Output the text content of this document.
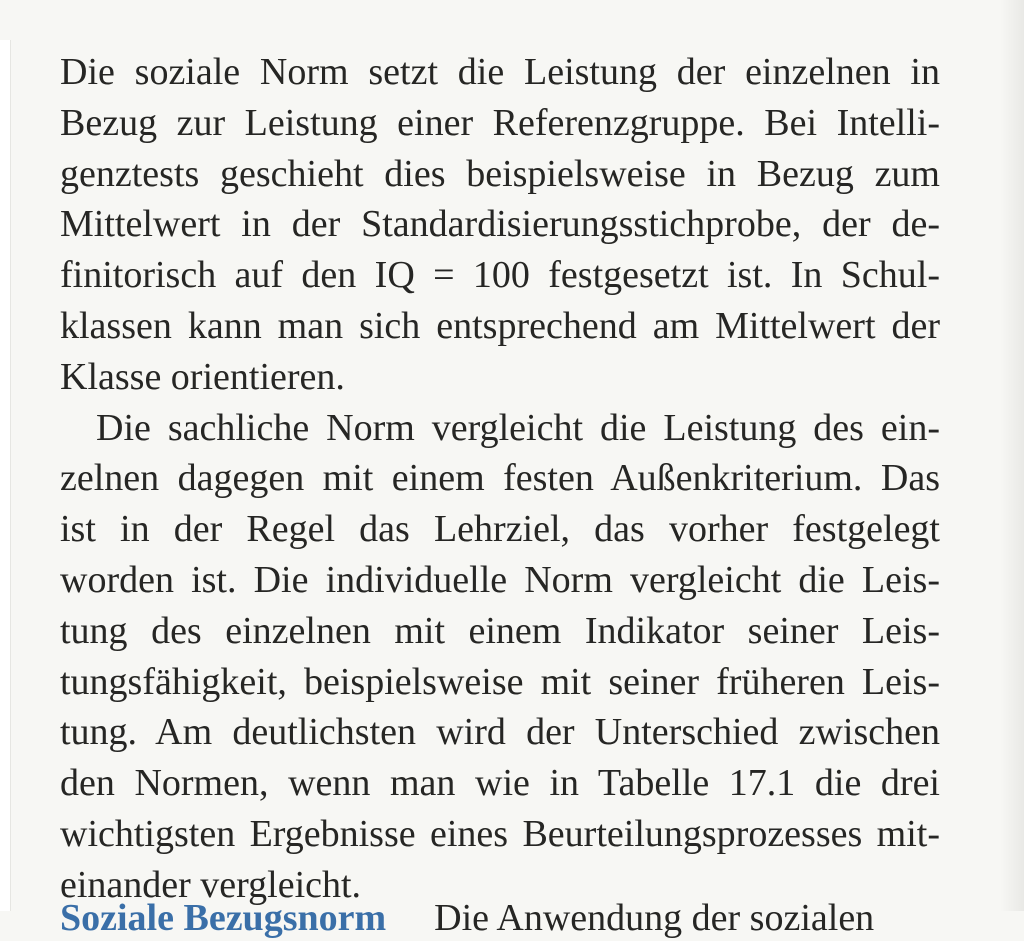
Die soziale Norm setzt die Leistung der einzelnen in
Bezug zur Leistung einer Referenzgruppe. Bei Intelli-
genztests geschieht dies beispielsweise in Bezug zum
Mittelwert in der Standardisierungsstichprobe, der de-
finitorisch auf den IQ = 100 festgesetzt ist. In Schul-
klassen kann man sich entsprechend am Mittelwert der
Klasse orientieren.
Die sachliche Norm vergleicht die Leistung des ein-
zelnen dagegen mit einem festen Außenkriterium. Das
ist in der Regel das Lehrziel, das vorher festgelegt
worden ist. Die individuelle Norm vergleicht die Leis-
tung des einzelnen mit einem Indikator seiner Leis-
tungsfähigkeit, beispielsweise mit seiner früheren Leis-
tung. Am deutlichsten wird der Unterschied zwischen
den Normen, wenn man wie in Tabelle 17.1 die drei
wichtigsten Ergebnisse eines Beurteilungsprozesses mit-
einander vergleicht.
Soziale Bezugsnorm Die Anwendung der sozialen
